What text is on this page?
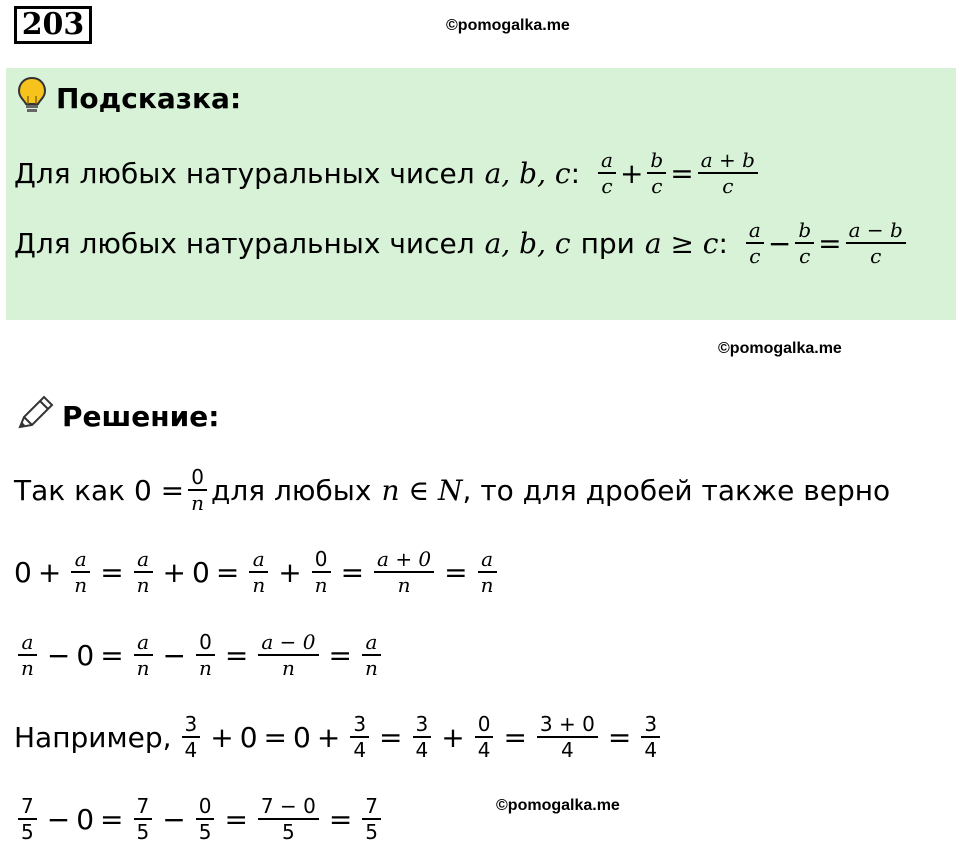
203	©pomogalka.me
Подсказка:
Для любых натуральных чисел a, b, c : $\frac{a}{c} + \frac{b}{c} = \frac{a + b}{c}$
Для любых натуральных чисел a, b, c при a ≥ c : $\frac{a}{c} - \frac{b}{c} = \frac{a - b}{c}$
©pomogalka.me
Решение:
Так как $0 = \frac{0}{n}$ для любых n ∈ N , то для дробей также верно
$0 + \frac{a}{n} = \frac{a}{n} + 0 = \frac{a}{n} + \frac{0}{n} = \frac{a + 0}{n} = \frac{a}{n}$
$\frac{a}{n} - 0 = \frac{a}{n} - \frac{0}{n} = \frac{a - 0}{n} = \frac{a}{n}$
Например, $\frac{3}{4} + 0 = 0 + \frac{3}{4} = \frac{3}{4} + \frac{0}{4} = \frac{3 + 0}{4} = \frac{3}{4}$
$\frac{7}{5} - 0 = \frac{7}{5} - \frac{0}{5} = \frac{7 - 0}{5} = \frac{7}{5}$	©pomogalka.me
